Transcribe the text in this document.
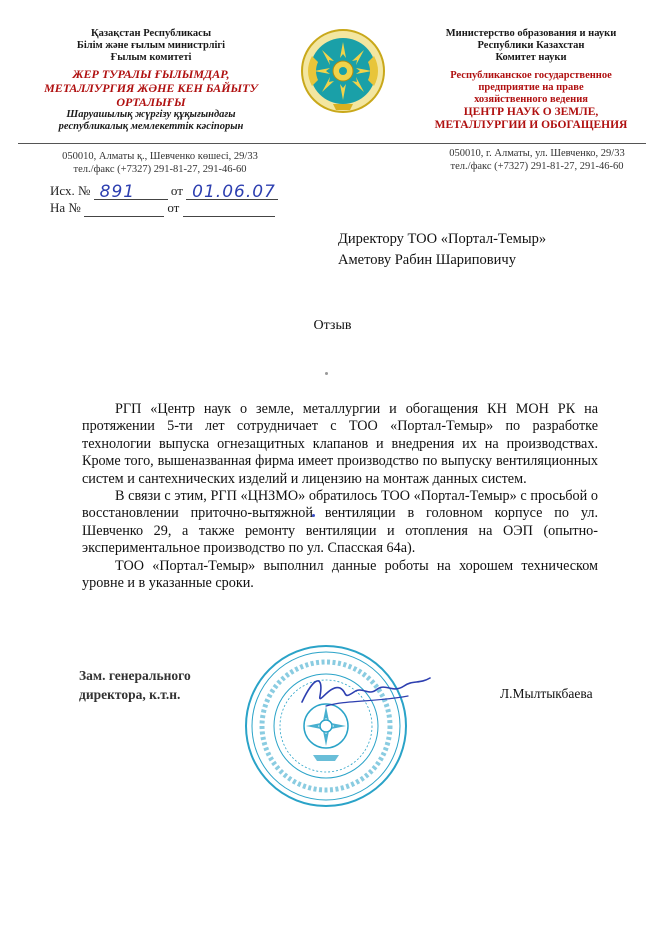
Қазақстан Республикасы
Білім және ғылым министрлігі
Ғылым комитеті
ЖЕР ТУРАЛЫ ҒЫЛЫМДАР,
МЕТАЛЛУРГИЯ ЖӘНЕ КЕН БАЙЫТУ
ОРТАЛЫҒЫ
Шаруашылық жүргізу құқығындағы
республикалық мемлекеттік кәсіпорын
Министерство образования и науки
Республики Казахстан
Комитет науки
Республиканское государственное
предприятие на праве
хозяйственного ведения
ЦЕНТР НАУК О ЗЕМЛЕ,
МЕТАЛЛУРГИИ И ОБОГАЩЕНИЯ
050010, Алматы қ., Шевченко көшесі, 29/33
тел./факс (+7327) 291-81-27, 291-46-60
050010, г. Алматы, ул. Шевченко, 29/33
тел./факс (+7327) 291-81-27, 291-46-60
Исх. № 891	от 01.06.07
На №	от
Директору ТОО «Портал-Темыр»
Аметову Рабин Шариповичу
Отзыв

РГП «Центр наук о земле, металлургии и обогащения КН МОН РК на протяжении 5-ти лет сотрудничает с ТОО «Портал-Темыр» по разработке технологии выпуска огнезащитных клапанов и внедрения их на производствах. Кроме того, вышеназванная фирма имеет производство по выпуску вентиляционных систем и сантехнических изделий и лицензию на монтаж данных систем.

В связи с этим, РГП «ЦНЗМО» обратилось ТОО «Портал-Темыр» с просьбой о восстановлении приточно-вытяжной вентиляции в головном корпусе по ул. Шевченко 29, а также ремонту вентиляции и отопления на ОЭП (опытно-экспериментальное производство по ул. Спасская 64а).

ТОО «Портал-Темыр» выполнил данные роботы на хорошем техническом уровне и в указанные сроки.

Зам. генерального
директора, к.т.н.	Л.Мылтыкбаева
